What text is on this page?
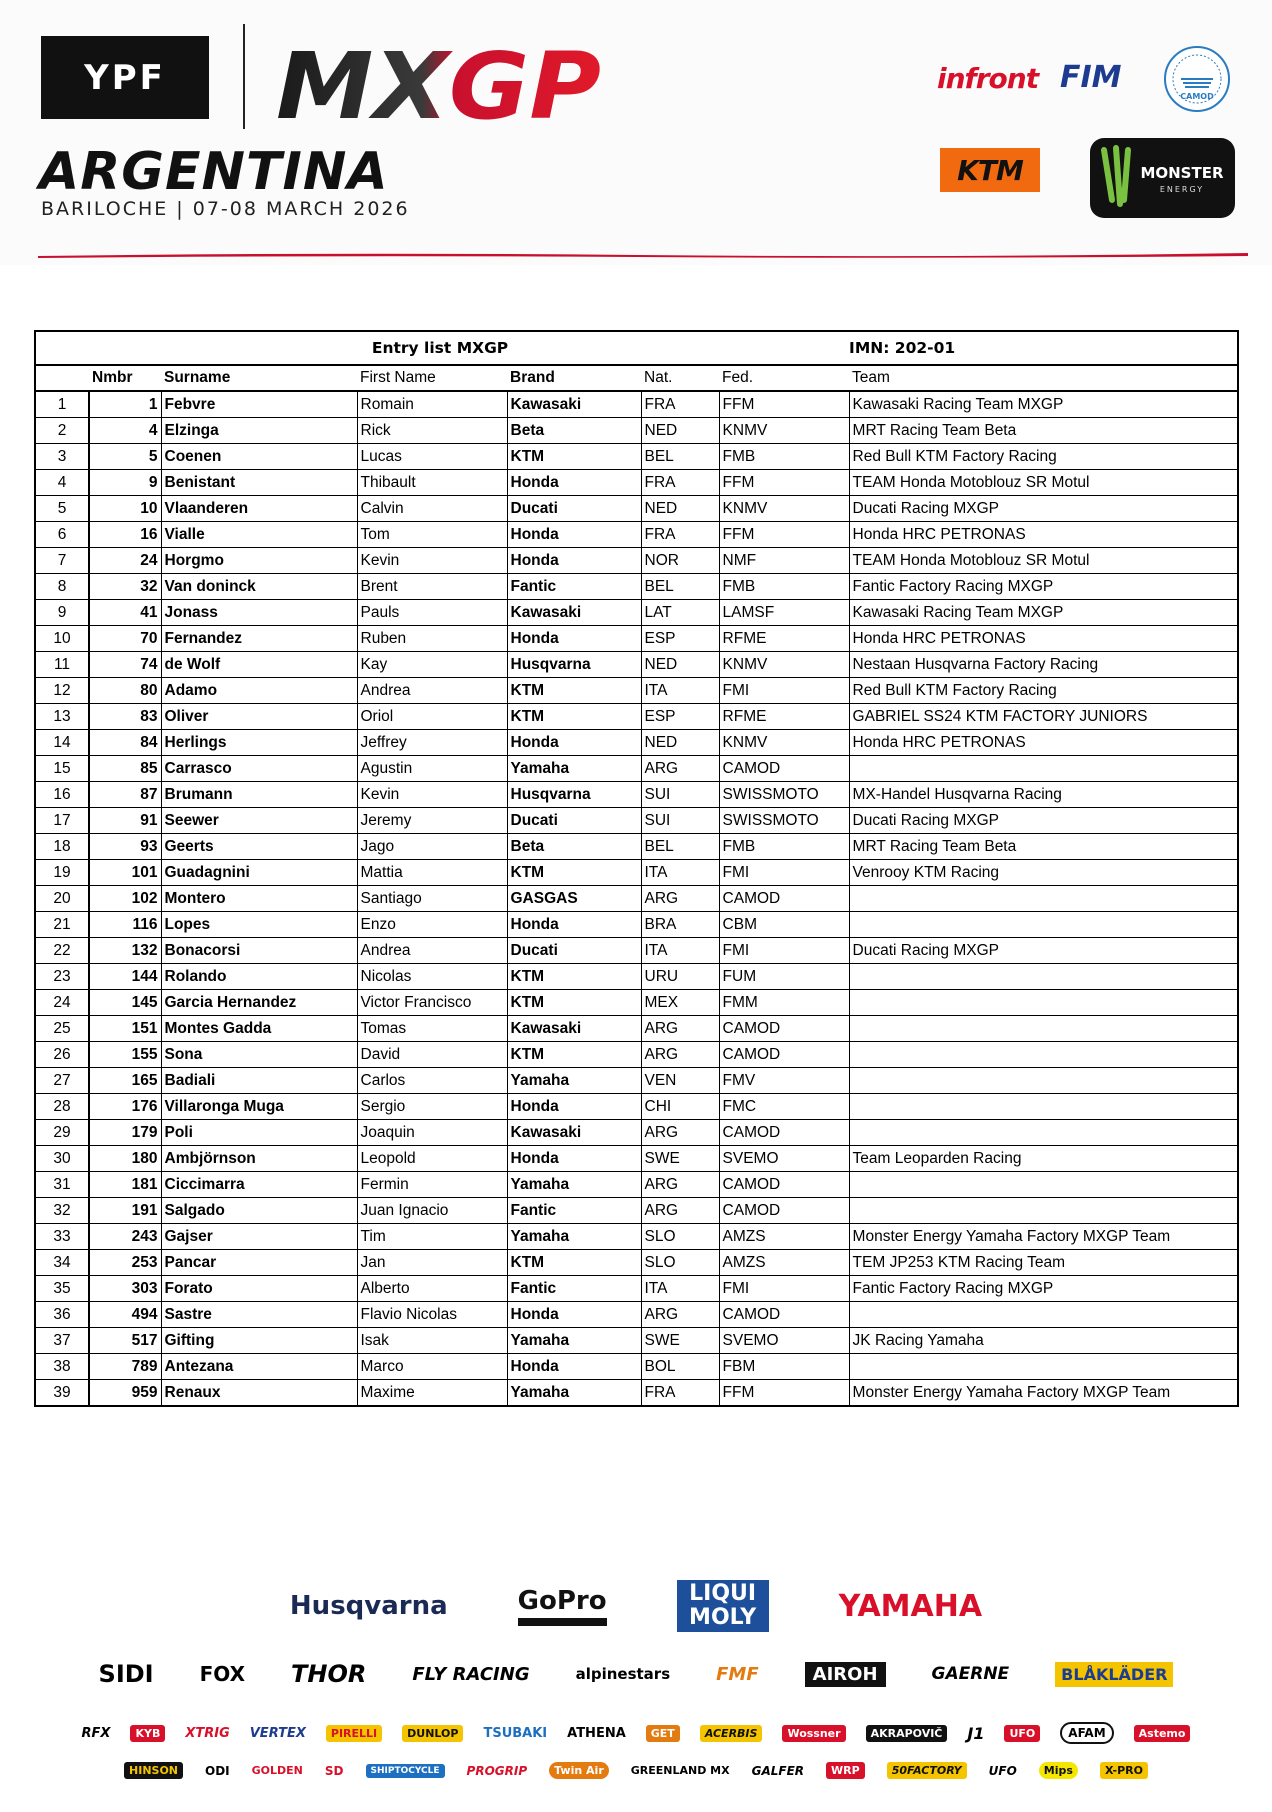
YPF	MXGP
ARGENTINA
BARILOCHE | 07-08 MARCH 2026
infront FIM
CAMOD
KTM	MONSTER
ENERGY
		Entry list MXGP				IMN: 202-01	
	Nmbr	Surname	First Name	Brand	Nat.	Fed.	Team
1	1	Febvre	Romain	Kawasaki	FRA	FFM	Kawasaki Racing Team MXGP
2	4	Elzinga	Rick	Beta	NED	KNMV	MRT Racing Team Beta
3	5	Coenen	Lucas	KTM	BEL	FMB	Red Bull KTM Factory Racing
4	9	Benistant	Thibault	Honda	FRA	FFM	TEAM Honda Motoblouz SR Motul
5	10	Vlaanderen	Calvin	Ducati	NED	KNMV	Ducati Racing MXGP
6	16	Vialle	Tom	Honda	FRA	FFM	Honda HRC PETRONAS
7	24	Horgmo	Kevin	Honda	NOR	NMF	TEAM Honda Motoblouz SR Motul
8	32	Van doninck	Brent	Fantic	BEL	FMB	Fantic Factory Racing MXGP
9	41	Jonass	Pauls	Kawasaki	LAT	LAMSF	Kawasaki Racing Team MXGP
10	70	Fernandez	Ruben	Honda	ESP	RFME	Honda HRC PETRONAS
11	74	de Wolf	Kay	Husqvarna	NED	KNMV	Nestaan Husqvarna Factory Racing
12	80	Adamo	Andrea	KTM	ITA	FMI	Red Bull KTM Factory Racing
13	83	Oliver	Oriol	KTM	ESP	RFME	GABRIEL SS24 KTM FACTORY JUNIORS
14	84	Herlings	Jeffrey	Honda	NED	KNMV	Honda HRC PETRONAS
15	85	Carrasco	Agustin	Yamaha	ARG	CAMOD	
16	87	Brumann	Kevin	Husqvarna	SUI	SWISSMOTO	MX-Handel Husqvarna Racing
17	91	Seewer	Jeremy	Ducati	SUI	SWISSMOTO	Ducati Racing MXGP
18	93	Geerts	Jago	Beta	BEL	FMB	MRT Racing Team Beta
19	101	Guadagnini	Mattia	KTM	ITA	FMI	Venrooy KTM Racing
20	102	Montero	Santiago	GASGAS	ARG	CAMOD	
21	116	Lopes	Enzo	Honda	BRA	CBM	
22	132	Bonacorsi	Andrea	Ducati	ITA	FMI	Ducati Racing MXGP
23	144	Rolando	Nicolas	KTM	URU	FUM	
24	145	Garcia Hernandez	Victor Francisco	KTM	MEX	FMM	
25	151	Montes Gadda	Tomas	Kawasaki	ARG	CAMOD	
26	155	Sona	David	KTM	ARG	CAMOD	
27	165	Badiali	Carlos	Yamaha	VEN	FMV	
28	176	Villaronga Muga	Sergio	Honda	CHI	FMC	
29	179	Poli	Joaquin	Kawasaki	ARG	CAMOD	
30	180	Ambjörnson	Leopold	Honda	SWE	SVEMO	Team Leoparden Racing
31	181	Ciccimarra	Fermin	Yamaha	ARG	CAMOD	
32	191	Salgado	Juan Ignacio	Fantic	ARG	CAMOD	
33	243	Gajser	Tim	Yamaha	SLO	AMZS	Monster Energy Yamaha Factory MXGP Team
34	253	Pancar	Jan	KTM	SLO	AMZS	TEM JP253 KTM Racing Team
35	303	Forato	Alberto	Fantic	ITA	FMI	Fantic Factory Racing MXGP
36	494	Sastre	Flavio Nicolas	Honda	ARG	CAMOD	
37	517	Gifting	Isak	Yamaha	SWE	SVEMO	JK Racing Yamaha
38	789	Antezana	Marco	Honda	BOL	FBM	
39	959	Renaux	Maxime	Yamaha	FRA	FFM	Monster Energy Yamaha Factory MXGP Team
Husqvarna	GoPro	LIQUI MOLY	YAMAHA
SIDI FOX THOR	FLY RACING	alpinestars	FMF	AIROH	GAERNE	BLÅKLÄDER
RFX	KYB	XTRIG VERTEX	PIRELLI	DUNLOP	TSUBAKI ATHENA	GET	ACERBIS	Wossner	AKRAPOVIČ	J1	UFO	AFAM	Astemo
HINSON	ODI GOLDEN SD	SHIPTOCYCLE	PROGRIP	Twin Air	GREENLAND MX GALFER	WRP	50FACTORY	UFO	Mips	X-PRO
